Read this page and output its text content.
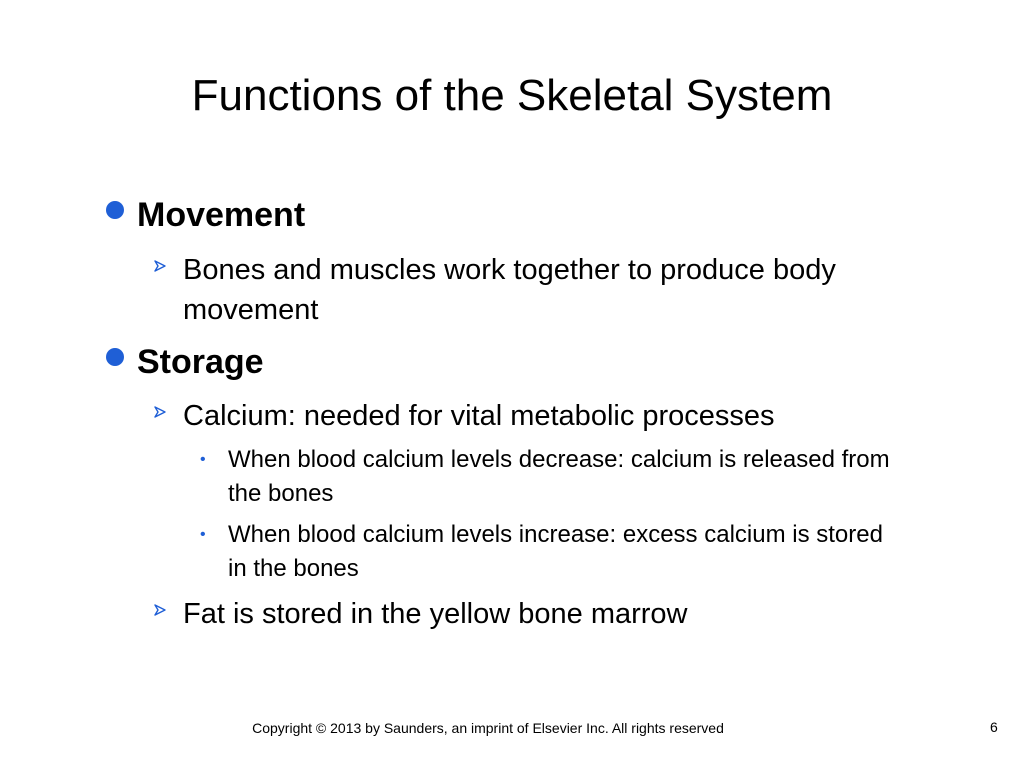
Functions of the Skeletal System
Movement
Bones and muscles work together to produce body movement
Storage
Calcium: needed for vital metabolic processes
• When blood calcium levels decrease: calcium is released from the bones
• When blood calcium levels increase: excess calcium is stored in the bones
Fat is stored in the yellow bone marrow
Copyright © 2013 by Saunders, an imprint of Elsevier Inc. All rights reserved	6
